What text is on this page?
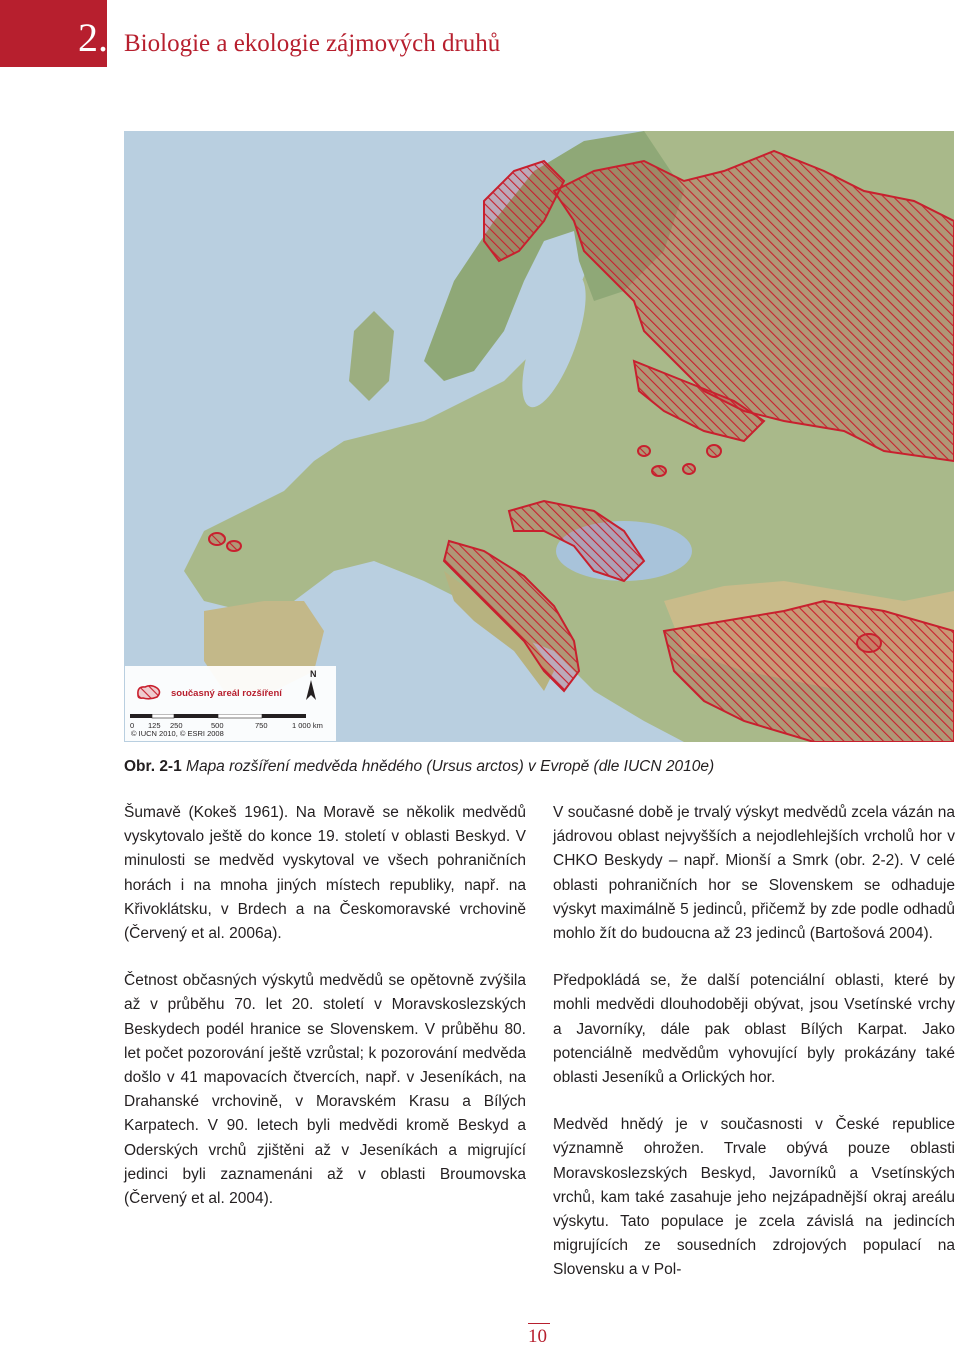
2. Biologie a ekologie zájmových druhů
současný areál rozšíření
N
0 125 250	500	750	1 000 km
© IUCN 2010, © ESRI 2008
Obr. 2-1 Mapa rozšíření medvěda hnědého (Ursus arctos) v Evropě (dle IUCN 2010e)

Šumavě (Kokeš 1961). Na Moravě se několik medvědů vyskytovalo ještě do konce 19. století v oblasti Beskyd. V minulosti se medvěd vyskytoval ve všech pohraničních horách i na mnoha jiných místech republiky, např. na Křivoklátsku, v Brdech a na Českomoravské vrchovině (Červený et al. 2006a).

Četnost občasných výskytů medvědů se opětovně zvýšila až v průběhu 70. let 20. století v Moravskoslezských Beskydech podél hranice se Slovenskem. V průběhu 80. let počet pozorování ještě vzrůstal; k pozorování medvěda došlo v 41 mapovacích čtvercích, např. v Jeseníkách, na Drahanské vrchovině, v Moravském Krasu a Bílých Karpatech. V 90. letech byli medvědi kromě Beskyd a Oderských vrchů zjištěni až v Jeseníkách a migrující jedinci byli zaznamenáni až v oblasti Broumovska (Červený et al. 2004).

V současné době je trvalý výskyt medvědů zcela vázán na jádrovou oblast nejvyšších a nejodlehlejších vrcholů hor v CHKO Beskydy – např. Mionší a Smrk (obr. 2-2). V celé oblasti pohraničních hor se Slovenskem se odhaduje výskyt maximálně 5 jedinců, přičemž by zde podle odhadů mohlo žít do budoucna až 23 jedinců (Bartošová 2004).

Předpokládá se, že další potenciální oblasti, které by mohli medvědi dlouhodoběji obývat, jsou Vsetínské vrchy a Javorníky, dále pak oblast Bílých Karpat. Jako potenciálně medvědům vyhovující byly prokázány také oblasti Jeseníků a Orlických hor.

Medvěd hnědý je v současnosti v České republice významně ohrožen. Trvale obývá pouze oblasti Moravskoslezských Beskyd, Javorníků a Vsetínských vrchů, kam také zasahuje jeho nejzápadnější okraj areálu výskytu. Tato populace je zcela závislá na jedincích migrujících ze sousedních zdrojových populací na Slovensku a v Pol-

10
